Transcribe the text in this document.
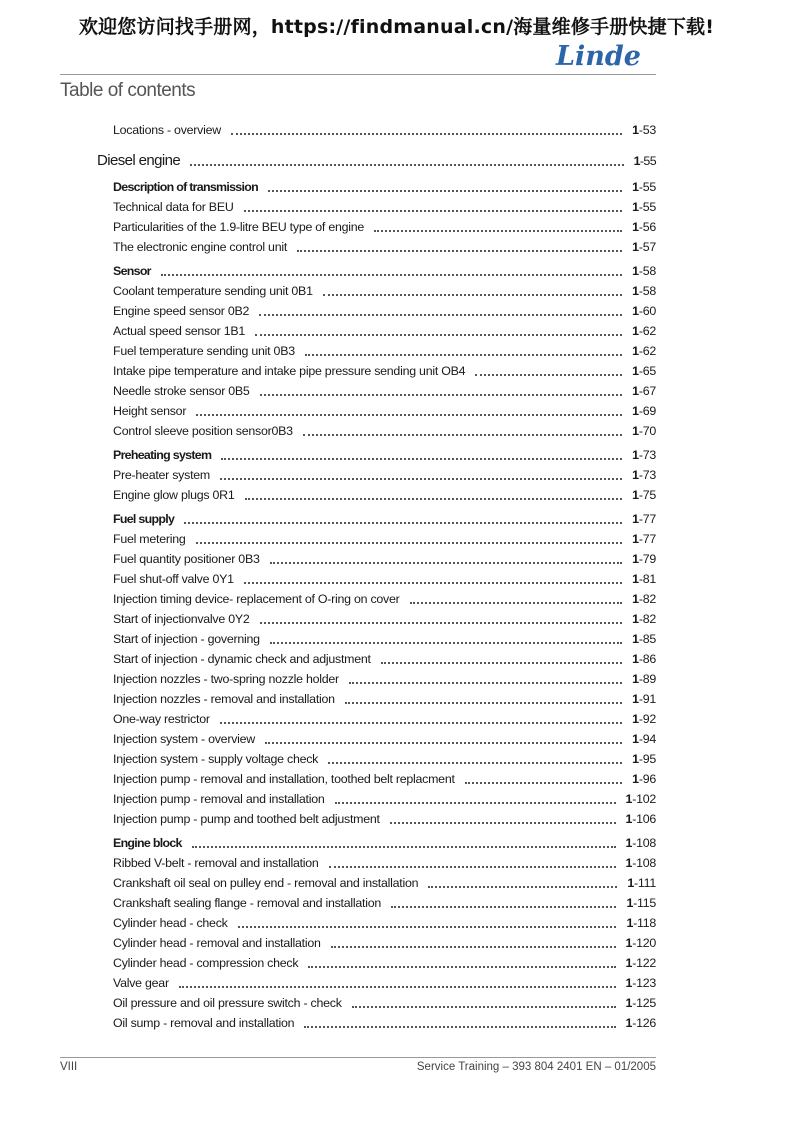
欢迎您访问找手册网，https://findmanual.cn/海量维修手册快捷下载!
Linde
Table of contents
Locations - overview	1-53
Diesel engine	1-55
Description of transmission	1-55
Technical data for BEU	1-55
Particularities of the 1.9-litre BEU type of engine	1-56
The electronic engine control unit	1-57
Sensor	1-58
Coolant temperature sending unit 0B1	1-58
Engine speed sensor 0B2	1-60
Actual speed sensor 1B1	1-62
Fuel temperature sending unit 0B3	1-62
Intake pipe temperature and intake pipe pressure sending unit OB4	1-65
Needle stroke sensor 0B5	1-67
Height sensor	1-69
Control sleeve position sensor0B3	1-70
Preheating system	1-73
Pre-heater system	1-73
Engine glow plugs 0R1	1-75
Fuel supply	1-77
Fuel metering	1-77
Fuel quantity positioner 0B3	1-79
Fuel shut-off valve 0Y1	1-81
Injection timing device- replacement of O-ring on cover	1-82
Start of injectionvalve 0Y2	1-82
Start of injection - governing	1-85
Start of injection - dynamic check and adjustment	1-86
Injection nozzles - two-spring nozzle holder	1-89
Injection nozzles - removal and installation	1-91
One-way restrictor	1-92
Injection system - overview	1-94
Injection system - supply voltage check	1-95
Injection pump - removal and installation, toothed belt replacment	1-96
Injection pump - removal and installation	1-102
Injection pump - pump and toothed belt adjustment	1-106
Engine block	1-108
Ribbed V-belt - removal and installation	1-108
Crankshaft oil seal on pulley end - removal and installation	1-111
Crankshaft sealing flange - removal and installation	1-115
Cylinder head - check	1-118
Cylinder head - removal and installation	1-120
Cylinder head - compression check	1-122
Valve gear	1-123
Oil pressure and oil pressure switch - check	1-125
Oil sump - removal and installation	1-126
VIII	Service Training – 393 804 2401 EN – 01/2005
